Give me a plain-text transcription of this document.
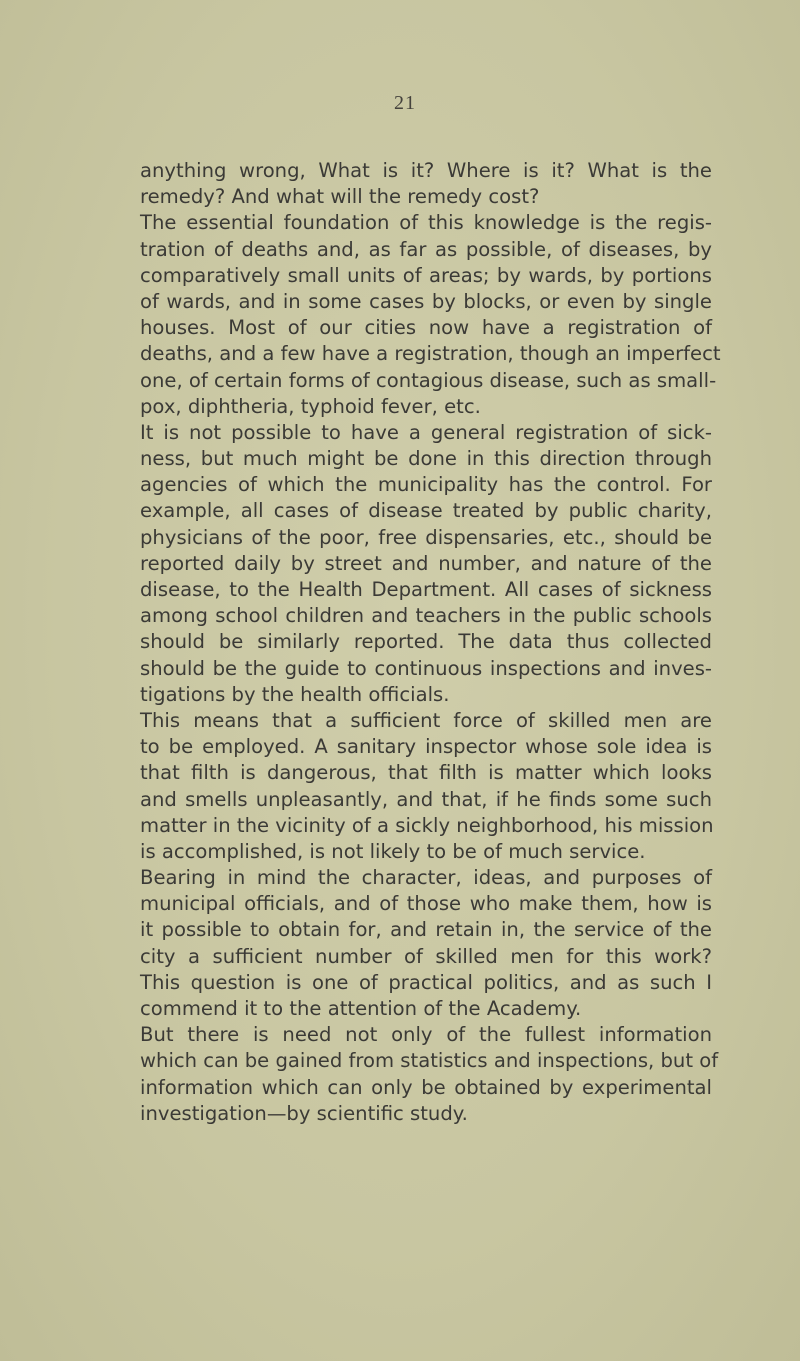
21
anything wrong, What is it? Where is it? What is the
remedy? And what will the remedy cost?
The essential foundation of this knowledge is the regis-
tration of deaths and, as far as possible, of diseases, by
comparatively small units of areas; by wards, by portions
of wards, and in some cases by blocks, or even by single
houses. Most of our cities now have a registration of
deaths, and a few have a registration, though an imperfect
one, of certain forms of contagious disease, such as small-
pox, diphtheria, typhoid fever, etc.
It is not possible to have a general registration of sick-
ness, but much might be done in this direction through
agencies of which the municipality has the control. For
example, all cases of disease treated by public charity,
physicians of the poor, free dispensaries, etc., should be
reported daily by street and number, and nature of the
disease, to the Health Department. All cases of sickness
among school children and teachers in the public schools
should be similarly reported. The data thus collected
should be the guide to continuous inspections and inves-
tigations by the health officials.
This means that a sufficient force of skilled men are
to be employed. A sanitary inspector whose sole idea is
that filth is dangerous, that filth is matter which looks
and smells unpleasantly, and that, if he finds some such
matter in the vicinity of a sickly neighborhood, his mission
is accomplished, is not likely to be of much service.
Bearing in mind the character, ideas, and purposes of
municipal officials, and of those who make them, how is
it possible to obtain for, and retain in, the service of the
city a sufficient number of skilled men for this work?
This question is one of practical politics, and as such I
commend it to the attention of the Academy.
But there is need not only of the fullest information
which can be gained from statistics and inspections, but of
information which can only be obtained by experimental
investigation—by scientific study.
